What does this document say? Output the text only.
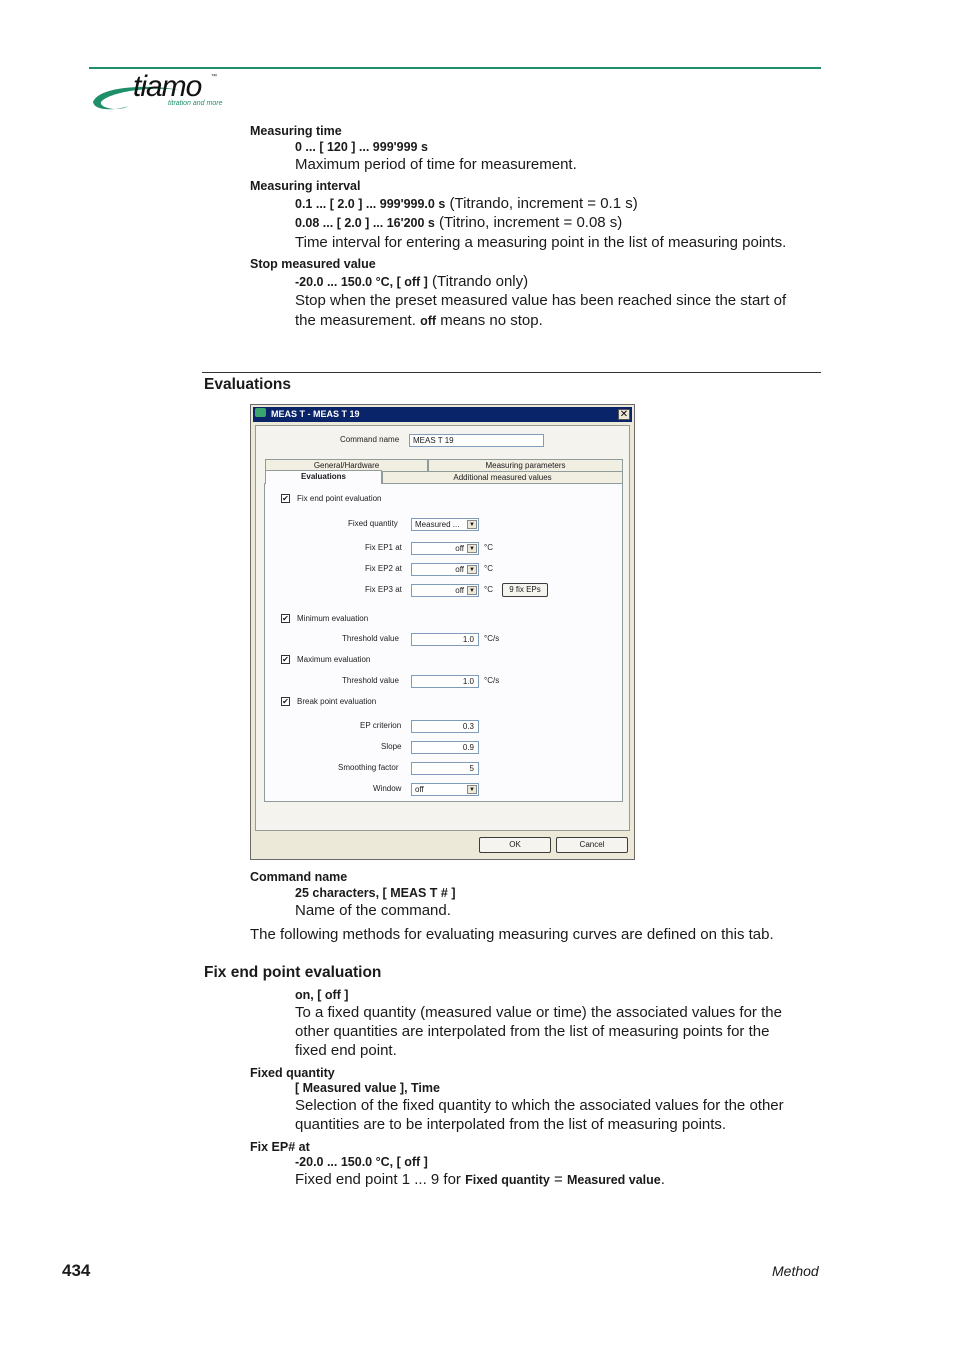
tiamo ™
titration and more
Measuring time
0 ... [ 120 ] ... 999'999 s
Maximum period of time for measurement.
Measuring interval
0.1 ... [ 2.0 ] ... 999'999.0 s (Titrando, increment = 0.1 s)
0.08 ... [ 2.0 ] ... 16'200 s (Titrino, increment = 0.08 s)
Time interval for entering a measuring point in the list of measuring points.
Stop measured value
-20.0 ... 150.0 °C, [ off ] (Titrando only)
Stop when the preset measured value has been reached since the start of
the measurement. off means no stop.
Evaluations
MEAS T - MEAS T 19	✕
Command name	MEAS T 19
General/Hardware	Measuring parameters
Evaluations	Additional measured values
✔ Fix end point evaluation
Fixed quantity	Measured ...	▼
Fix EP1 at	off ▼ °C
Fix EP2 at	off ▼ °C
Fix EP3 at	off ▼ °C	9 fix EPs
✔ Minimum evaluation
Threshold value	1.0	°C/s
✔ Maximum evaluation
Threshold value	1.0	°C/s
✔ Break point evaluation
EP criterion	0.3
Slope	0.9
Smoothing factor	5
Window	off	▼
OK	Cancel
Command name
25 characters, [ MEAS T # ]
Name of the command.
The following methods for evaluating measuring curves are defined on this tab.
Fix end point evaluation
on, [ off ]
To a fixed quantity (measured value or time) the associated values for the
other quantities are interpolated from the list of measuring points for the
fixed end point.
Fixed quantity
[ Measured value ], Time
Selection of the fixed quantity to which the associated values for the other
quantities are to be interpolated from the list of measuring points.
Fix EP# at
-20.0 ... 150.0 °C, [ off ]
Fixed end point 1 ... 9 for Fixed quantity = Measured value.
434	Method
